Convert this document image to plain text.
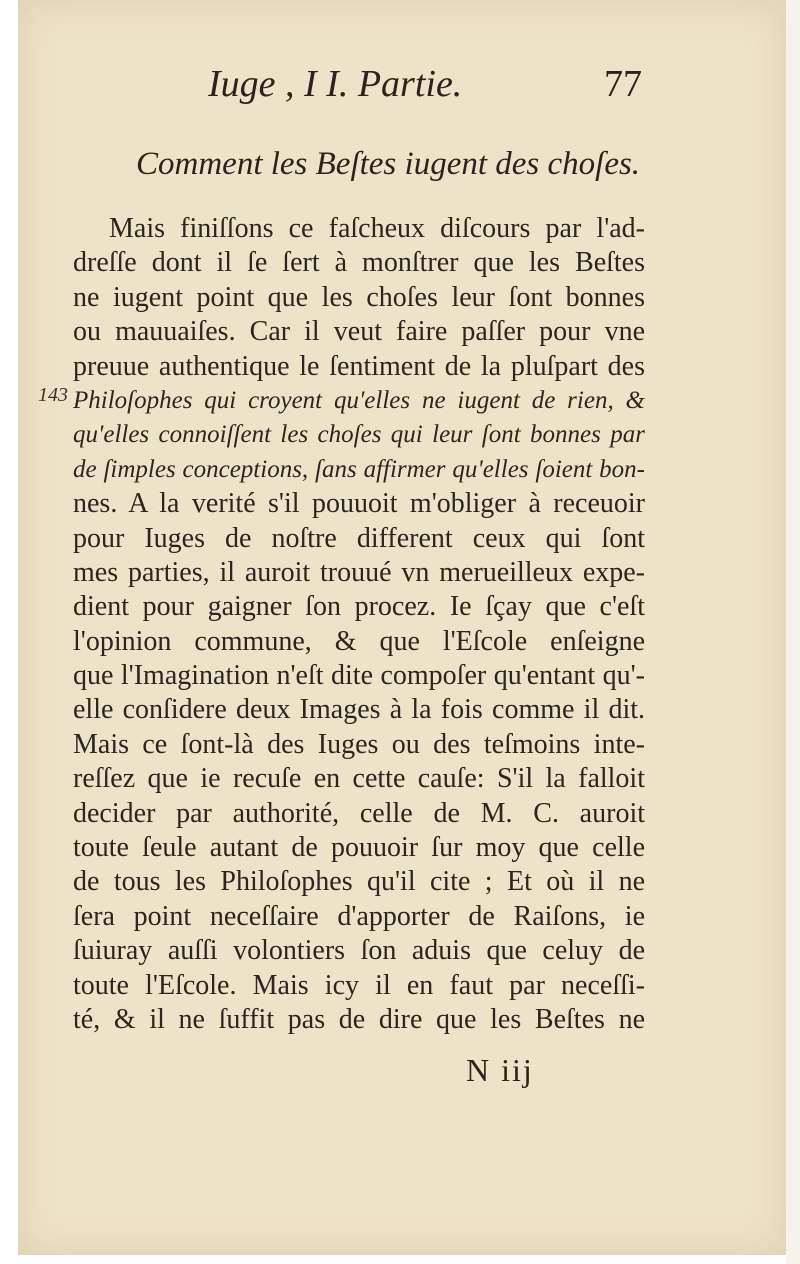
Iuge , I I. Partie.	77
Comment les Beſtes iugent des choſes.
143
Mais finiſſons ce faſcheux diſcours par l'ad-
dreſſe dont il ſe ſert à monſtrer que les Beſtes
ne iugent point que les choſes leur ſont bonnes
ou mauuaiſes. Car il veut faire paſſer pour vne
preuue authentique le ſentiment de la pluſpart des
Philoſophes qui croyent qu'elles ne iugent de rien, &
qu'elles connoiſſent les choſes qui leur ſont bonnes par
de ſimples conceptions, ſans affirmer qu'elles ſoient bon-
nes. A la verité s'il pouuoit m'obliger à receuoir
pour Iuges de noſtre different ceux qui ſont
mes parties, il auroit trouué vn merueilleux expe-
dient pour gaigner ſon procez. Ie ſçay que c'eſt
l'opinion commune, & que l'Eſcole enſeigne
que l'Imagination n'eſt dite compoſer qu'entant qu'-
elle conſidere deux Images à la fois comme il dit.
Mais ce ſont-là des Iuges ou des teſmoins inte-
reſſez que ie recuſe en cette cauſe: S'il la falloit
decider par authorité, celle de M. C. auroit
toute ſeule autant de pouuoir ſur moy que celle
de tous les Philoſophes qu'il cite ; Et où il ne
ſera point neceſſaire d'apporter de Raiſons, ie
ſuiuray auſſi volontiers ſon aduis que celuy de
toute l'Eſcole. Mais icy il en faut par neceſſi-
té, & il ne ſuffit pas de dire que les Beſtes ne
N iij
